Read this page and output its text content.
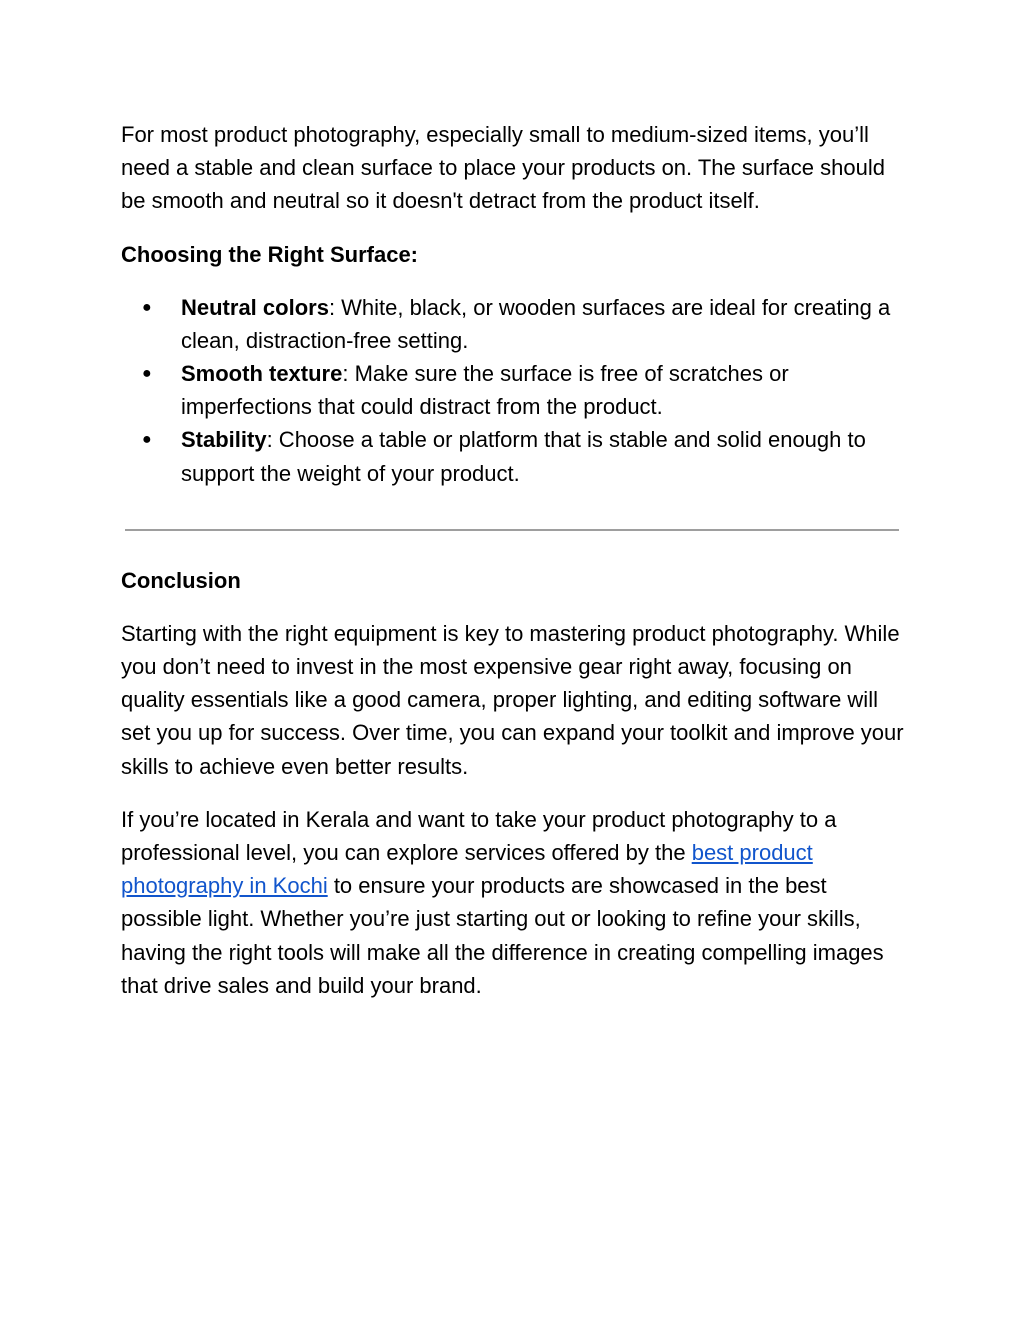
For most product photography, especially small to medium-sized items, you’ll need a stable and clean surface to place your products on. The surface should be smooth and neutral so it doesn't detract from the product itself.

Choosing the Right Surface:
● Neutral colors: White, black, or wooden surfaces are ideal for creating a clean, distraction-free setting.
● Smooth texture: Make sure the surface is free of scratches or imperfections that could distract from the product.
● Stability: Choose a table or platform that is stable and solid enough to support the weight of your product.
Conclusion

Starting with the right equipment is key to mastering product photography. While you don’t need to invest in the most expensive gear right away, focusing on quality essentials like a good camera, proper lighting, and editing software will set you up for success. Over time, you can expand your toolkit and improve your skills to achieve even better results.

If you’re located in Kerala and want to take your product photography to a professional level, you can explore services offered by the best product photography in Kochi to ensure your products are showcased in the best possible light. Whether you’re just starting out or looking to refine your skills, having the right tools will make all the difference in creating compelling images that drive sales and build your brand.
